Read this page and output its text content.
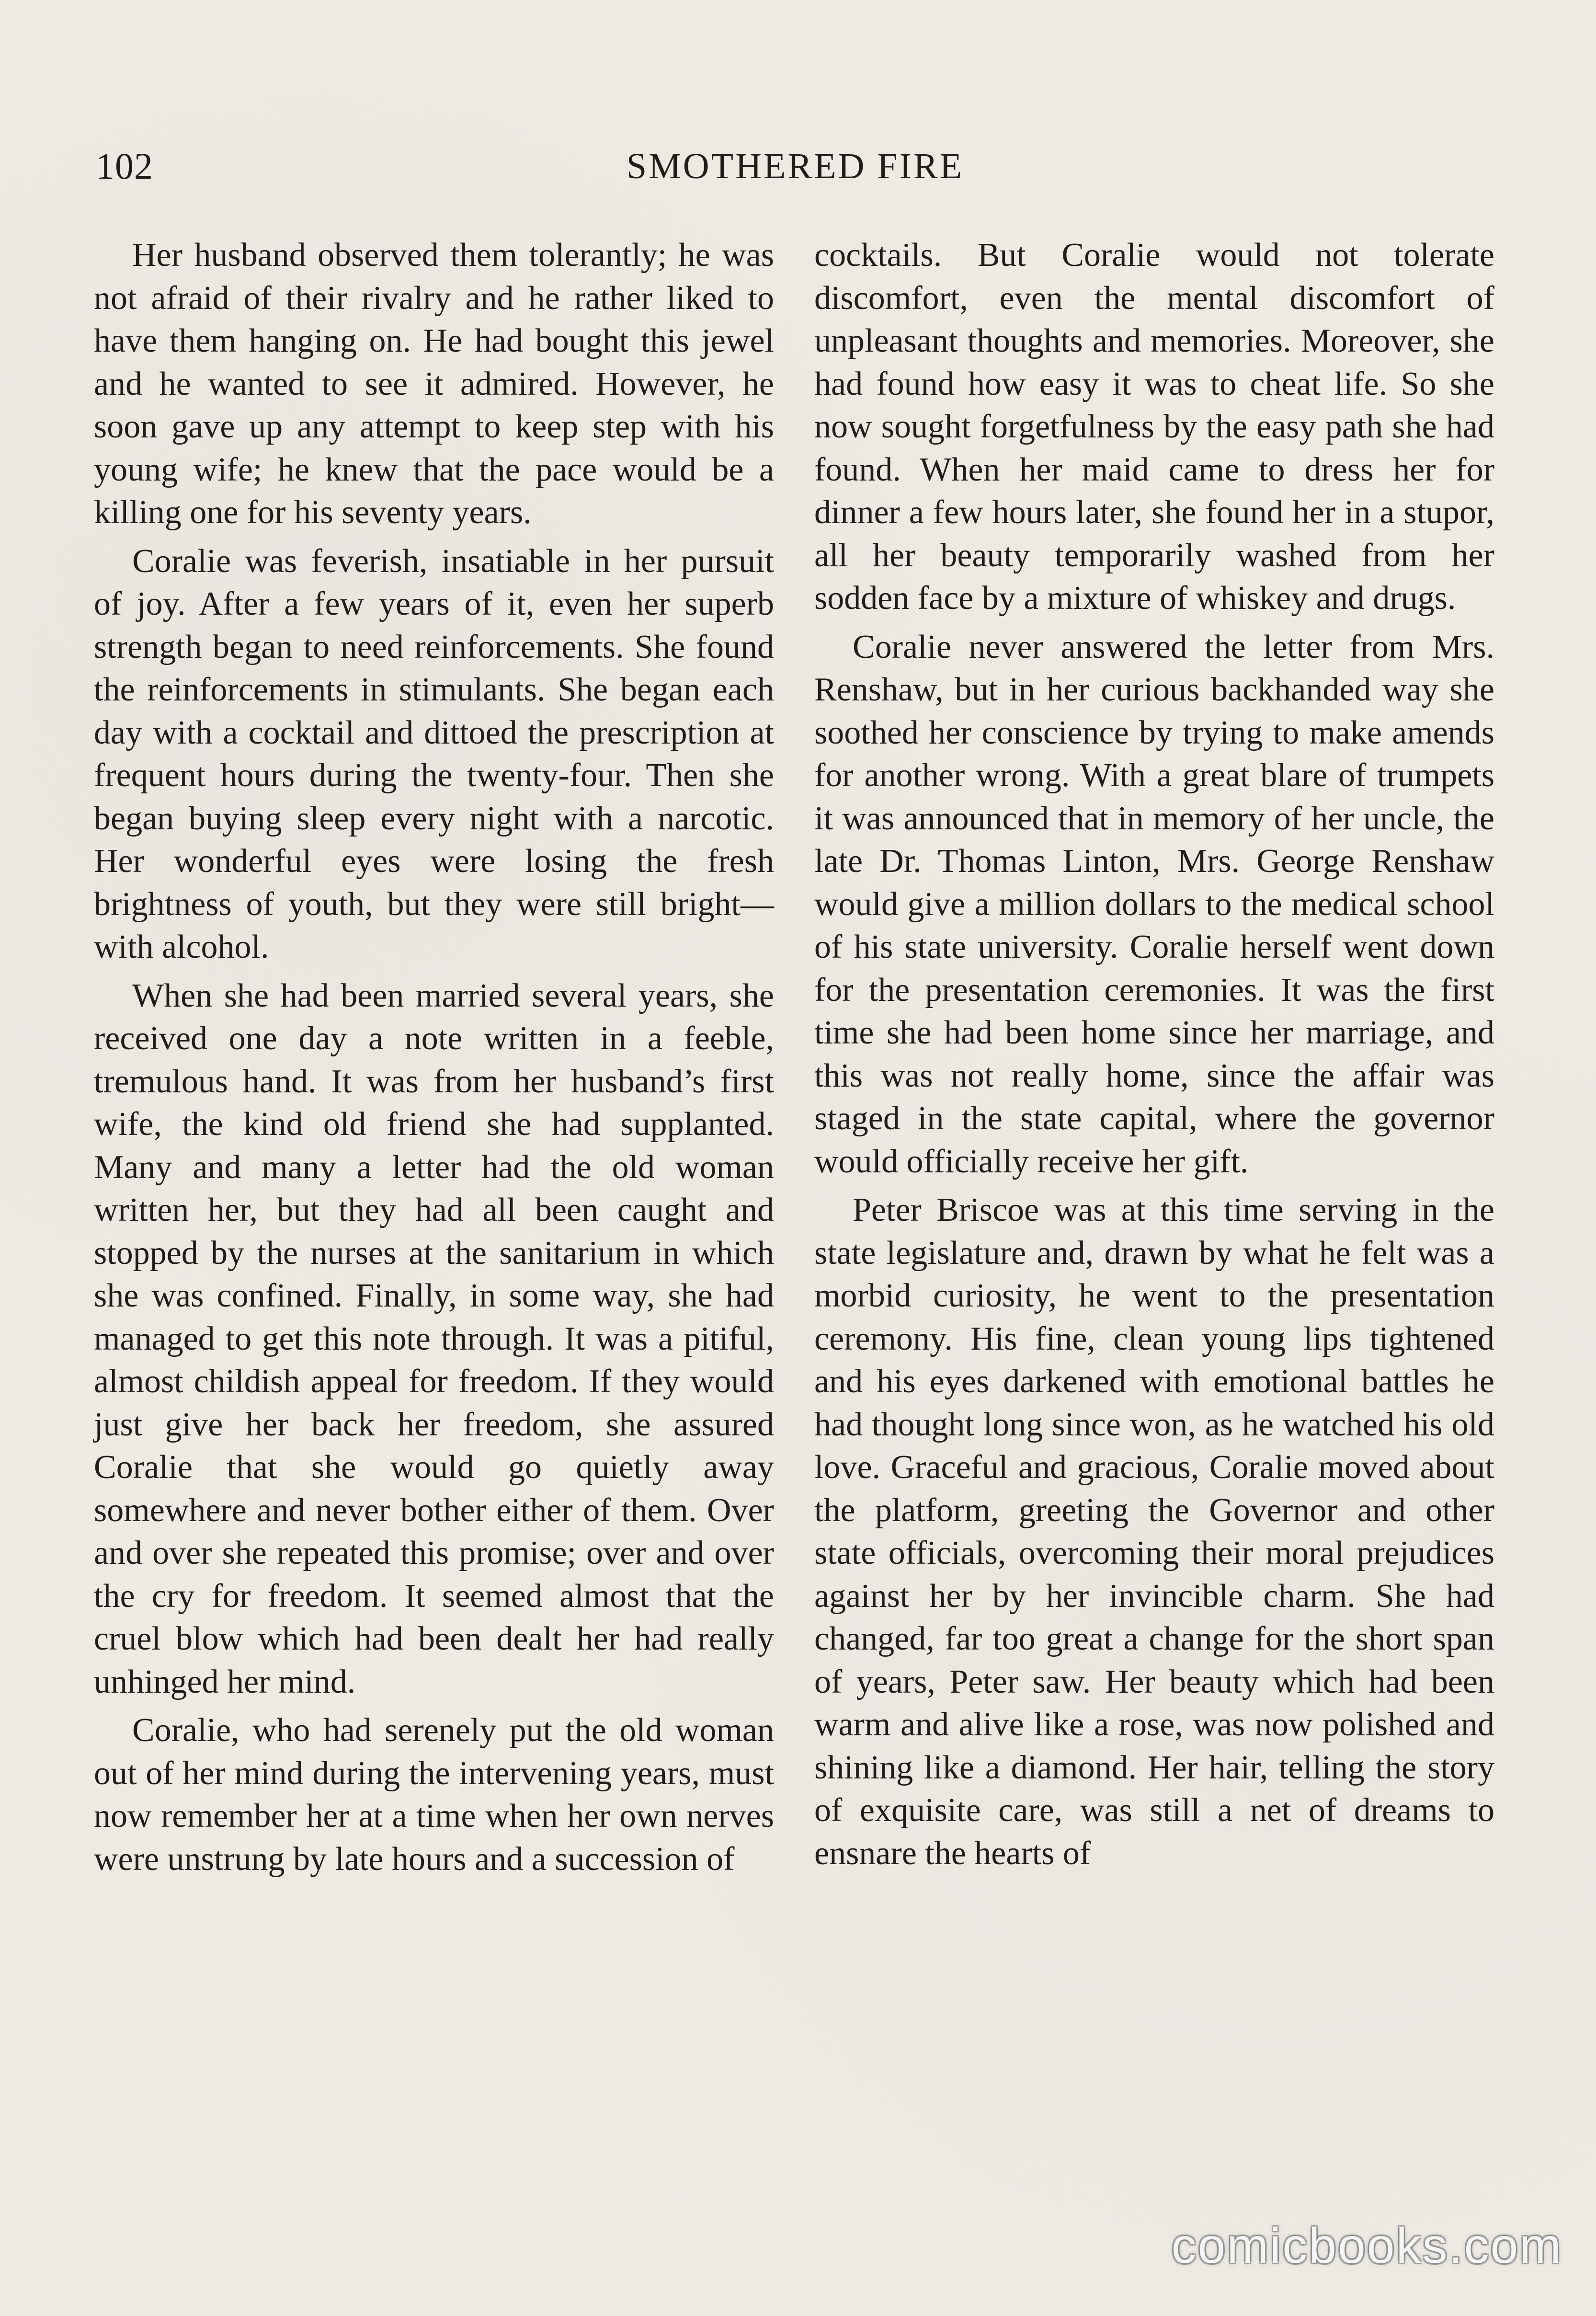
102	SMOTHERED FIRE

Her husband observed them tolerantly; he was not afraid of their rivalry and he rather liked to have them hanging on. He had bought this jewel and he wanted to see it admired. However, he soon gave up any attempt to keep step with his young wife; he knew that the pace would be a killing one for his seventy years.

Coralie was feverish, insatiable in her pursuit of joy. After a few years of it, even her superb strength began to need reinforcements. She found the reinforcements in stimulants. She began each day with a cocktail and dittoed the prescription at frequent hours during the twenty-four. Then she began buying sleep every night with a narcotic. Her wonderful eyes were losing the fresh brightness of youth, but they were still bright—with alcohol.

When she had been married several years, she received one day a note written in a feeble, tremulous hand. It was from her husband’s first wife, the kind old friend she had supplanted. Many and many a letter had the old woman written her, but they had all been caught and stopped by the nurses at the sanitarium in which she was confined. Finally, in some way, she had managed to get this note through. It was a pitiful, almost childish appeal for freedom. If they would just give her back her freedom, she assured Coralie that she would go quietly away somewhere and never bother either of them. Over and over she repeated this promise; over and over the cry for freedom. It seemed almost that the cruel blow which had been dealt her had really unhinged her mind.

Coralie, who had serenely put the old woman out of her mind during the intervening years, must now remember her at a time when her own nerves were unstrung by late hours and a succession of

cocktails. But Coralie would not tolerate discomfort, even the mental discomfort of unpleasant thoughts and memories. Moreover, she had found how easy it was to cheat life. So she now sought forgetfulness by the easy path she had found. When her maid came to dress her for dinner a few hours later, she found her in a stupor, all her beauty temporarily washed from her sodden face by a mixture of whiskey and drugs.

Coralie never answered the letter from Mrs. Renshaw, but in her curious backhanded way she soothed her conscience by trying to make amends for another wrong. With a great blare of trumpets it was announced that in memory of her uncle, the late Dr. Thomas Linton, Mrs. George Renshaw would give a million dollars to the medical school of his state university. Coralie herself went down for the presentation ceremonies. It was the first time she had been home since her marriage, and this was not really home, since the affair was staged in the state capital, where the governor would officially receive her gift.

Peter Briscoe was at this time serving in the state legislature and, drawn by what he felt was a morbid curiosity, he went to the presentation ceremony. His fine, clean young lips tightened and his eyes darkened with emotional battles he had thought long since won, as he watched his old love. Graceful and gracious, Coralie moved about the platform, greeting the Governor and other state officials, overcoming their moral prejudices against her by her invincible charm. She had changed, far too great a change for the short span of years, Peter saw. Her beauty which had been warm and alive like a rose, was now polished and shining like a diamond. Her hair, telling the story of exquisite care, was still a net of dreams to ensnare the hearts of

comicbooks.com
